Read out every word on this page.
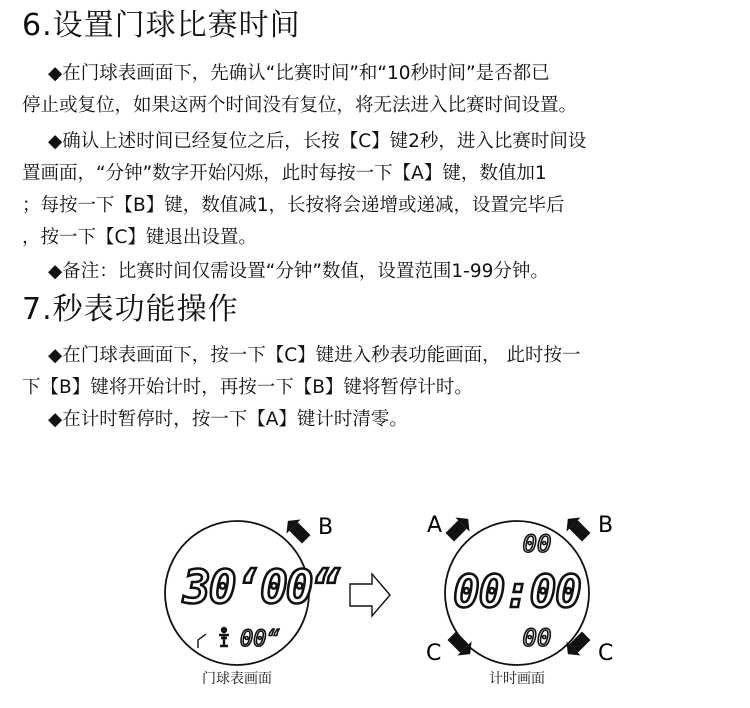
6.设置门球比赛时间

◆在门球表画面下，先确认“比赛时间”和“10秒时间”是否都已

停止或复位，如果这两个时间没有复位，将无法进入比赛时间设置。

◆确认上述时间已经复位之后，长按【C】键2秒，进入比赛时间设

置画面，“分钟”数字开始闪烁，此时每按一下【A】键，数值加1

；每按一下【B】键，数值减1，长按将会递增或递减，设置完毕后

，按一下【C】键退出设置。

◆备注：比赛时间仅需设置“分钟”数值，设置范围1-99分钟。

7.秒表功能操作

◆在门球表画面下，按一下【C】键进入秒表功能画面， 此时按一

下【B】键将开始计时，再按一下【B】键将暂停计时。

◆在计时暂停时，按一下【A】键计时清零。

B
30‘00“
00“
门球表画面
A	B
C	C
00
00:00
00
计时画面
